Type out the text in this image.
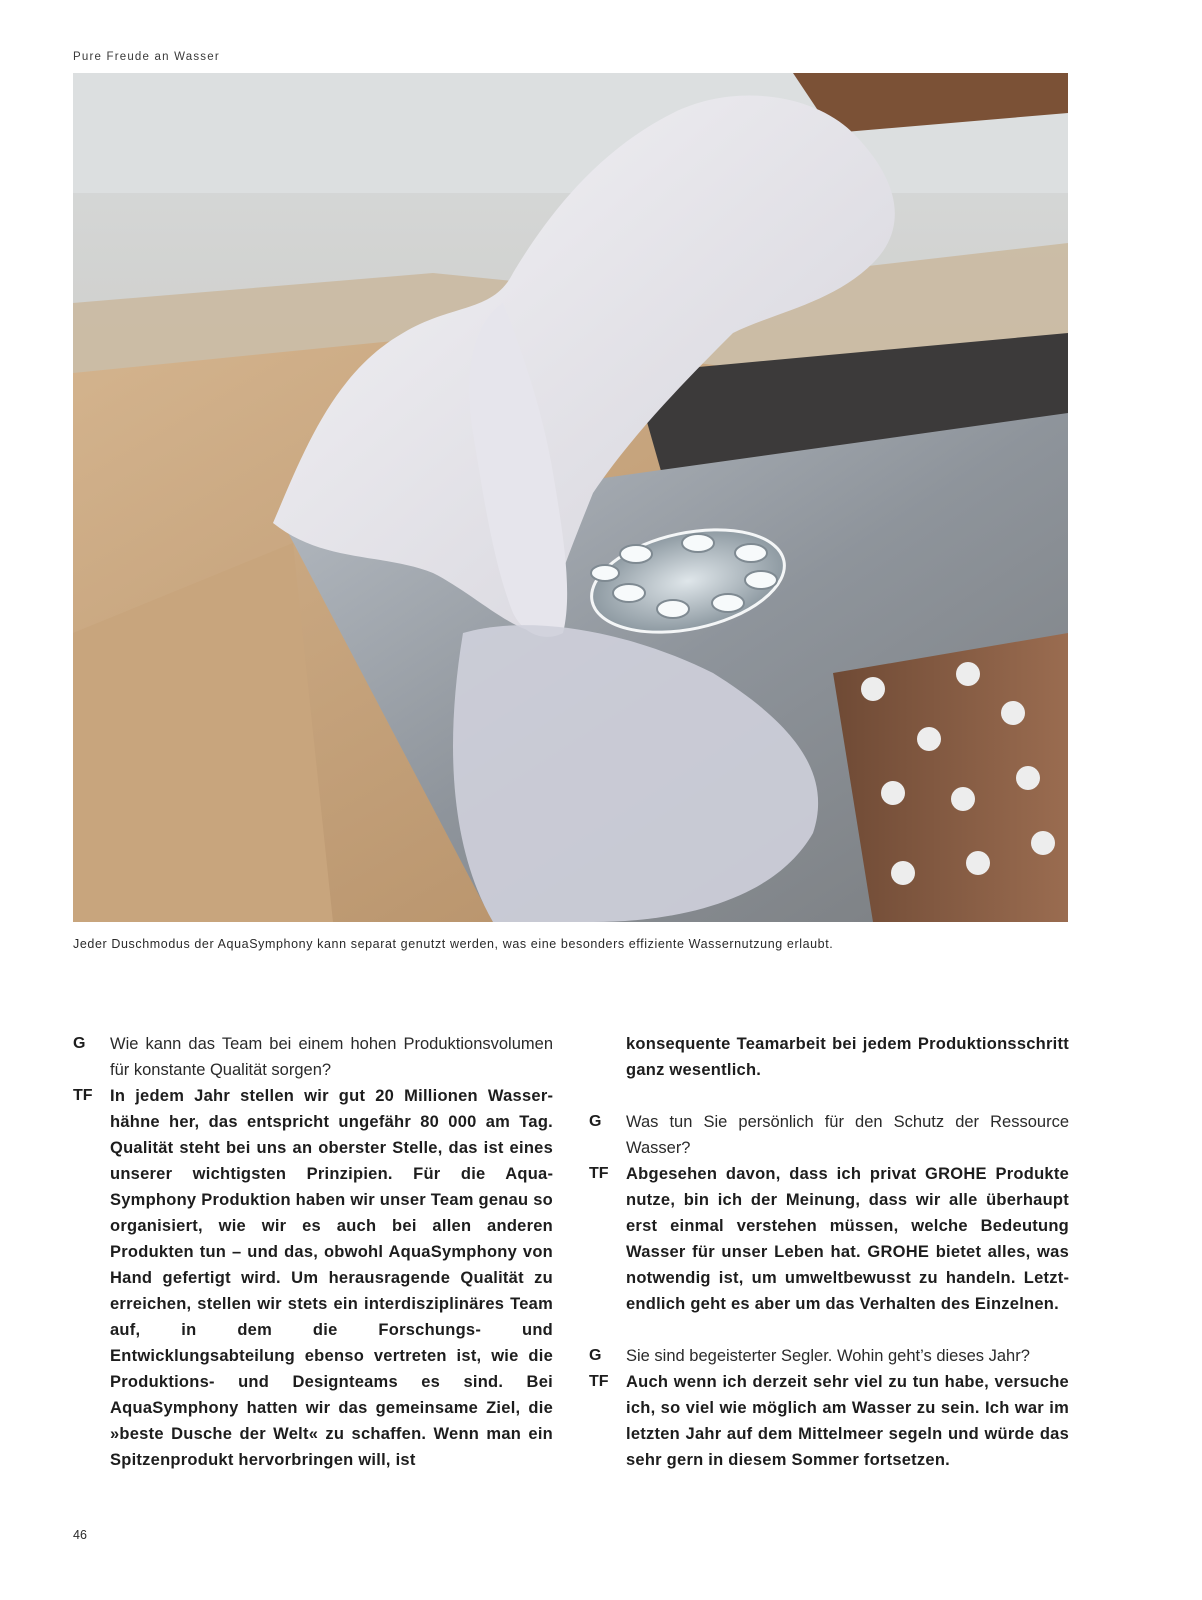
Pure Freude an Wasser
Jeder Duschmodus der AquaSymphony kann separat genutzt werden, was eine besonders effiziente Wassernutzung erlaubt.

G Wie kann das Team bei einem hohen Produktionsvolumen für konstante Qualität sorgen?

TF In jedem Jahr stellen wir gut 20 Millionen Wasserhähne her, das entspricht ungefähr 80 000 am Tag. Qualität steht bei uns an oberster Stelle, das ist eines unserer wichtigsten Prinzipien. Für die AquaSymphony Produktion haben wir unser Team genau so organisiert, wie wir es auch bei allen anderen Produkten tun – und das, obwohl AquaSymphony von Hand gefertigt wird. Um herausragende Qualität zu erreichen, stellen wir stets ein interdisziplinäres Team auf, in dem die Forschungs- und Entwicklungsabteilung ebenso vertreten ist, wie die Produktions- und Designteams es sind. Bei AquaSymphony hatten wir das gemeinsame Ziel, die »beste Dusche der Welt« zu schaffen. Wenn man ein Spitzenprodukt hervorbringen will, ist

konsequente Teamarbeit bei jedem Produktionsschritt ganz wesentlich.

G Was tun Sie persönlich für den Schutz der Ressource Wasser?

TF Abgesehen davon, dass ich privat GROHE Produkte nutze, bin ich der Meinung, dass wir alle überhaupt erst einmal verstehen müssen, welche Bedeutung Wasser für unser Leben hat. GROHE bietet alles, was notwendig ist, um umweltbewusst zu handeln. Letztendlich geht es aber um das Verhalten des Einzelnen.

G Sie sind begeisterter Segler. Wohin geht’s dieses Jahr?

TF Auch wenn ich derzeit sehr viel zu tun habe, versuche ich, so viel wie möglich am Wasser zu sein. Ich war im letzten Jahr auf dem Mittelmeer segeln und würde das sehr gern in diesem Sommer fortsetzen.

46
